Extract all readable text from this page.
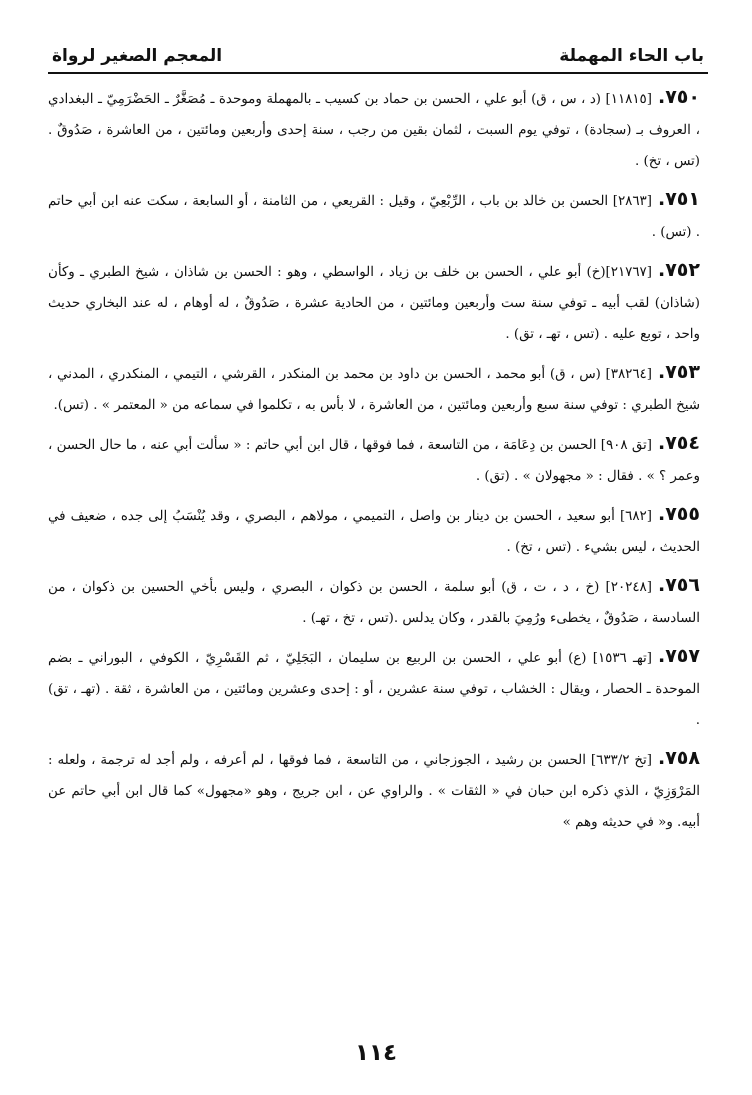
باب الحاء المهملة
المعجم الصغير لرواة

٧٥٠.[١١٨١٥] (د ، س ، ق) أبو علي ، الحسن بن حماد بن كسيب ـ بالمهملة وموحدة ـ مُصَغَّرٌ ـ الحَضْرَمِيّ ـ البغدادي ، العروف بـ (سجادة) ، توفي يوم السبت ، لثمان بقين من رجب ، سنة إحدى وأربعين ومائتين ، من العاشرة ، صَدُوقٌ . (تس ، تخ) .

٧٥١.[٢٨٦٣] الحسن بن خالد بن باب ، الرِّبْعِيّ ، وقيل : القريعي ، من الثامنة ، أو السابعة ، سكت عنه ابن أبي حاتم . (تس) .

٧٥٢.[٢١٧٦٧](خ) أبو علي ، الحسن بن خلف بن زياد ، الواسطي ، وهو : الحسن بن شاذان ، شيخ الطبري ـ وكأن (شاذان) لقب أبيه ـ توفي سنة ست وأربعين ومائتين ، من الحادية عشرة ، صَدُوقٌ ، له أوهام ، له عند البخاري حديث واحد ، توبع عليه . (تس ، تهـ ، تق) .

٧٥٣.[٣٨٢٦٤] (س ، ق) أبو محمد ، الحسن بن داود بن محمد بن المنكدر ، القرشي ، التيمي ، المنكدري ، المدني ، شيخ الطبري : توفي سنة سبع وأربعين ومائتين ، من العاشرة ، لا بأس به ، تكلموا في سماعه من « المعتمر » . (تس).

٧٥٤.[تق ٩٠٨] الحسن بن دِعَامَة ، من التاسعة ، فما فوقها ، قال ابن أبي حاتم : « سألت أبي عنه ، ما حال الحسن ، وعمر ؟ » . فقال : « مجهولان » . (تق) .

٧٥٥.[٦٨٢] أبو سعيد ، الحسن بن دينار بن واصل ، التميمي ، مولاهم ، البصري ، وقد يُنْسَبُ إلى جده ، ضعيف في الحديث ، ليس بشيء . (تس ، تخ) .

٧٥٦.[٢٠٢٤٨] (خ ، د ، ت ، ق) أبو سلمة ، الحسن بن ذكوان ، البصري ، وليس بأخي الحسين بن ذكوان ، من السادسة ، صَدُوقٌ ، يخطىء ورُمِيَ بالقدر ، وكان يدلس .(تس ، تخ ، تهـ) .

٧٥٧.[تهـ ١٥٣٦] (ع) أبو علي ، الحسن بن الربيع بن سليمان ، البَجَلِيّ ، ثم القَسْرِيّ ، الكوفي ، البوراني ـ بضم الموحدة ـ الحصار ، ويقال : الخشاب ، توفي سنة عشرين ، أو : إحدى وعشرين ومائتين ، من العاشرة ، ثقة . (تهـ ، تق) .

٧٥٨.[تخ ٦٣٣/٢] الحسن بن رشيد ، الجوزجاني ، من التاسعة ، فما فوقها ، لم أعرفه ، ولم أجد له ترجمة ، ولعله : المَرْوَزِيّ ، الذي ذكره ابن حبان في « الثقات » . والراوي عن ، ابن جريج ، وهو «مجهول» كما قال ابن أبي حاتم عن أبيه. و« في حديثه وهم »

١١٤
